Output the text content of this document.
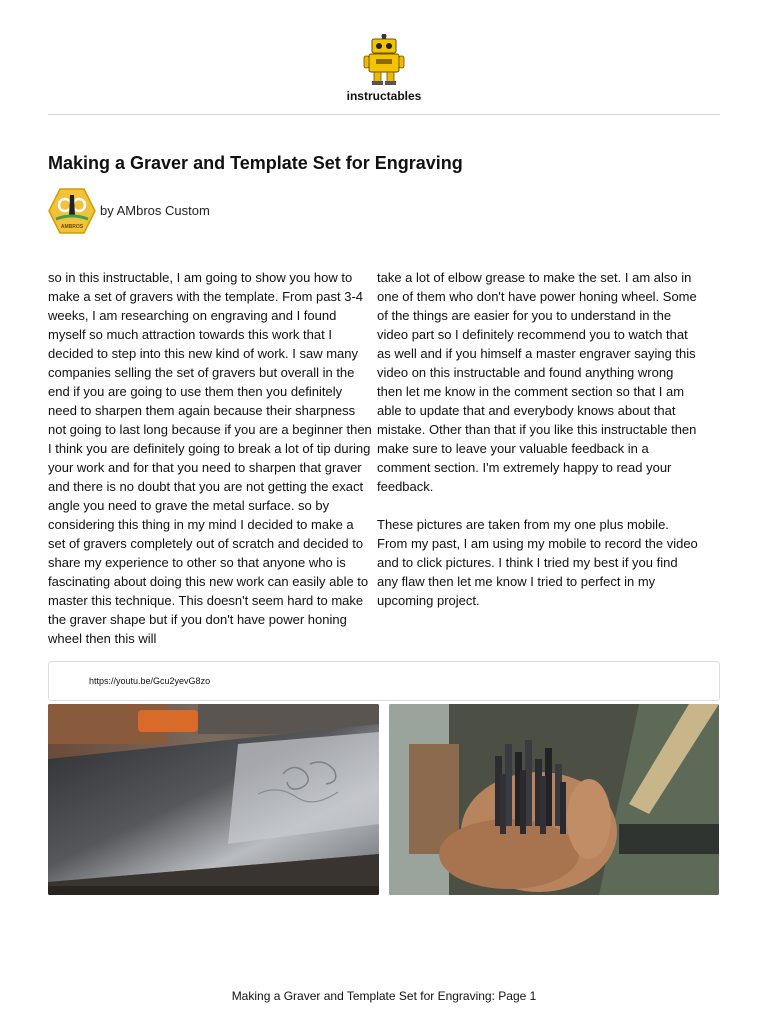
instructables
Making a Graver and Template Set for Engraving
AMBROS
by AMbros Custom

so in this instructable, I am going to show you how to make a set of gravers with the template. From past 3-4 weeks, I am researching on engraving and I found myself so much attraction towards this work that I decided to step into this new kind of work. I saw many companies selling the set of gravers but overall in the end if you are going to use them then you definitely need to sharpen them again because their sharpness not going to last long because if you are a beginner then I think you are definitely going to break a lot of tip during your work and for that you need to sharpen that graver and there is no doubt that you are not getting the exact angle you need to grave the metal surface. so by considering this thing in my mind I decided to make a set of gravers completely out of scratch and decided to share my experience to other so that anyone who is fascinating about doing this new work can easily able to master this technique. This doesn't seem hard to make the graver shape but if you don't have power honing wheel then this will

take a lot of elbow grease to make the set. I am also in one of them who don't have power honing wheel. Some of the things are easier for you to understand in the video part so I definitely recommend you to watch that as well and if you himself a master engraver saying this video on this instructable and found anything wrong then let me know in the comment section so that I am able to update that and everybody knows about that mistake. Other than that if you like this instructable then make sure to leave your valuable feedback in a comment section. I'm extremely happy to read your feedback.

These pictures are taken from my one plus mobile. From my past, I am using my mobile to record the video and to click pictures. I think I tried my best if you find any flaw then let me know I tried to perfect in my upcoming project.

https://youtu.be/Gcu2yevG8zo
Making a Graver and Template Set for Engraving: Page 1
